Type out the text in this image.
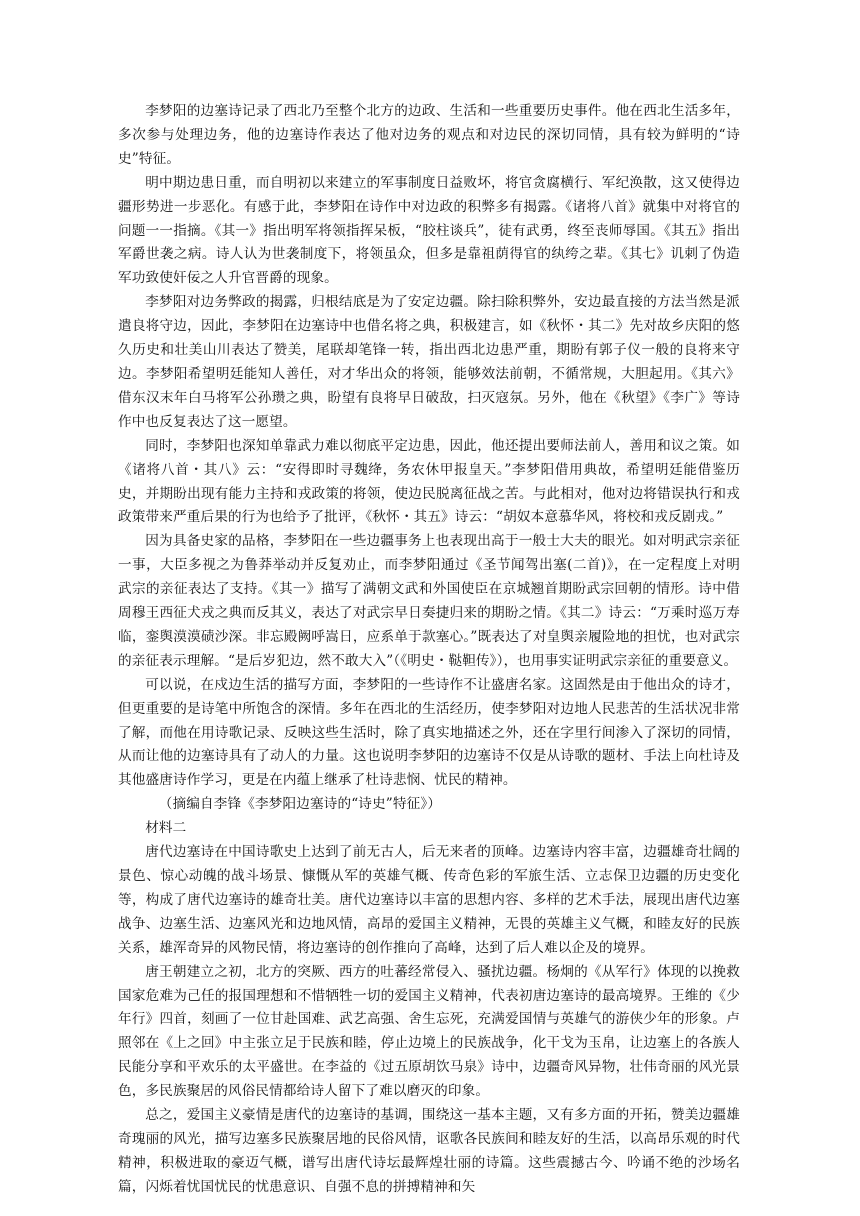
李梦阳的边塞诗记录了西北乃至整个北方的边政、生活和一些重要历史事件。他在西北生活多年，多次参与处理边务，他的边塞诗作表达了他对边务的观点和对边民的深切同情，具有较为鲜明的“诗史”特征。

明中期边患日重，而自明初以来建立的军事制度日益败坏，将官贪腐横行、军纪涣散，这又使得边疆形势进一步恶化。有感于此，李梦阳在诗作中对边政的积弊多有揭露。《诸将八首》就集中对将官的问题一一指摘。《其一》指出明军将领指挥呆板，“胶柱谈兵”，徒有武勇，终至丧师辱国。《其五》指出军爵世袭之病。诗人认为世袭制度下，将领虽众，但多是靠祖荫得官的纨绔之辈。《其七》讥刺了伪造军功致使奸佞之人升官晋爵的现象。

李梦阳对边务弊政的揭露，归根结底是为了安定边疆。除扫除积弊外，安边最直接的方法当然是派遣良将守边，因此，李梦阳在边塞诗中也借名将之典，积极建言，如《秋怀・其二》先对故乡庆阳的悠久历史和壮美山川表达了赞美，尾联却笔锋一转，指出西北边患严重，期盼有郭子仪一般的良将来守边。李梦阳希望明廷能知人善任，对才华出众的将领，能够效法前朝，不循常规，大胆起用。《其六》借东汉末年白马将军公孙瓒之典，盼望有良将早日破敌，扫灭寇氛。另外，他在《秋望》《李广》等诗作中也反复表达了这一愿望。

同时，李梦阳也深知单靠武力难以彻底平定边患，因此，他还提出要师法前人，善用和议之策。如《诸将八首・其八》云：“安得即时寻魏绛，务农休甲报皇天。”李梦阳借用典故，希望明廷能借鉴历史，并期盼出现有能力主持和戎政策的将领，使边民脱离征战之苦。与此相对，他对边将错误执行和戎政策带来严重后果的行为也给予了批评，《秋怀・其五》诗云：“胡奴本意慕华风，将校和戎反剧戎。”

因为具备史家的品格，李梦阳在一些边疆事务上也表现出高于一般士大夫的眼光。如对明武宗亲征一事，大臣多视之为鲁莽举动并反复劝止，而李梦阳通过《圣节闻驾出塞(二首)》，在一定程度上对明武宗的亲征表达了支持。《其一》描写了满朝文武和外国使臣在京城翘首期盼武宗回朝的情形。诗中借周穆王西征犬戎之典而反其义，表达了对武宗早日奏捷归来的期盼之情。《其二》诗云：“万乘时巡万寿临，銮舆漠漠碛沙深。非忘殿阙呼嵩日，应系单于款塞心。”既表达了对皇舆亲履险地的担忧，也对武宗的亲征表示理解。“是后岁犯边，然不敢大入”（《明史・鞑靼传》），也用事实证明武宗亲征的重要意义。

可以说，在戍边生活的描写方面，李梦阳的一些诗作不让盛唐名家。这固然是由于他出众的诗才，但更重要的是诗笔中所饱含的深情。多年在西北的生活经历，使李梦阳对边地人民悲苦的生活状况非常了解，而他在用诗歌记录、反映这些生活时，除了真实地描述之外，还在字里行间渗入了深切的同情，从而让他的边塞诗具有了动人的力量。这也说明李梦阳的边塞诗不仅是从诗歌的题材、手法上向杜诗及其他盛唐诗作学习，更是在内蕴上继承了杜诗悲悯、忧民的精神。

（摘编自李锋《李梦阳边塞诗的“诗史”特征》）

材料二

唐代边塞诗在中国诗歌史上达到了前无古人，后无来者的顶峰。边塞诗内容丰富，边疆雄奇壮阔的景色、惊心动魄的战斗场景、慷慨从军的英雄气概、传奇色彩的军旅生活、立志保卫边疆的历史变化等，构成了唐代边塞诗的雄奇壮美。唐代边塞诗以丰富的思想内容、多样的艺术手法，展现出唐代边塞战争、边塞生活、边塞风光和边地风情，高昂的爱国主义精神，无畏的英雄主义气概，和睦友好的民族关系，雄浑奇异的风物民情，将边塞诗的创作推向了高峰，达到了后人难以企及的境界。

唐王朝建立之初，北方的突厥、西方的吐蕃经常侵入、骚扰边疆。杨炯的《从军行》体现的以挽救国家危难为己任的报国理想和不惜牺牲一切的爱国主义精神，代表初唐边塞诗的最高境界。王维的《少年行》四首，刻画了一位甘赴国难、武艺高强、舍生忘死，充满爱国情与英雄气的游侠少年的形象。卢照邻在《上之回》中主张立足于民族和睦，停止边境上的民族战争，化干戈为玉帛，让边塞上的各族人民能分享和平欢乐的太平盛世。在李益的《过五原胡饮马泉》诗中，边疆奇风异物，壮伟奇丽的风光景色，多民族聚居的风俗民情都给诗人留下了难以磨灭的印象。

总之，爱国主义豪情是唐代的边塞诗的基调，围绕这一基本主题，又有多方面的开拓，赞美边疆雄奇瑰丽的风光，描写边塞多民族聚居地的民俗风情，讴歌各民族间和睦友好的生活，以高昂乐观的时代精神，积极进取的豪迈气概，谱写出唐代诗坛最辉煌壮丽的诗篇。这些震撼古今、吟诵不绝的沙场名篇，闪烁着忧国忧民的忧患意识、自强不息的拼搏精神和矢
